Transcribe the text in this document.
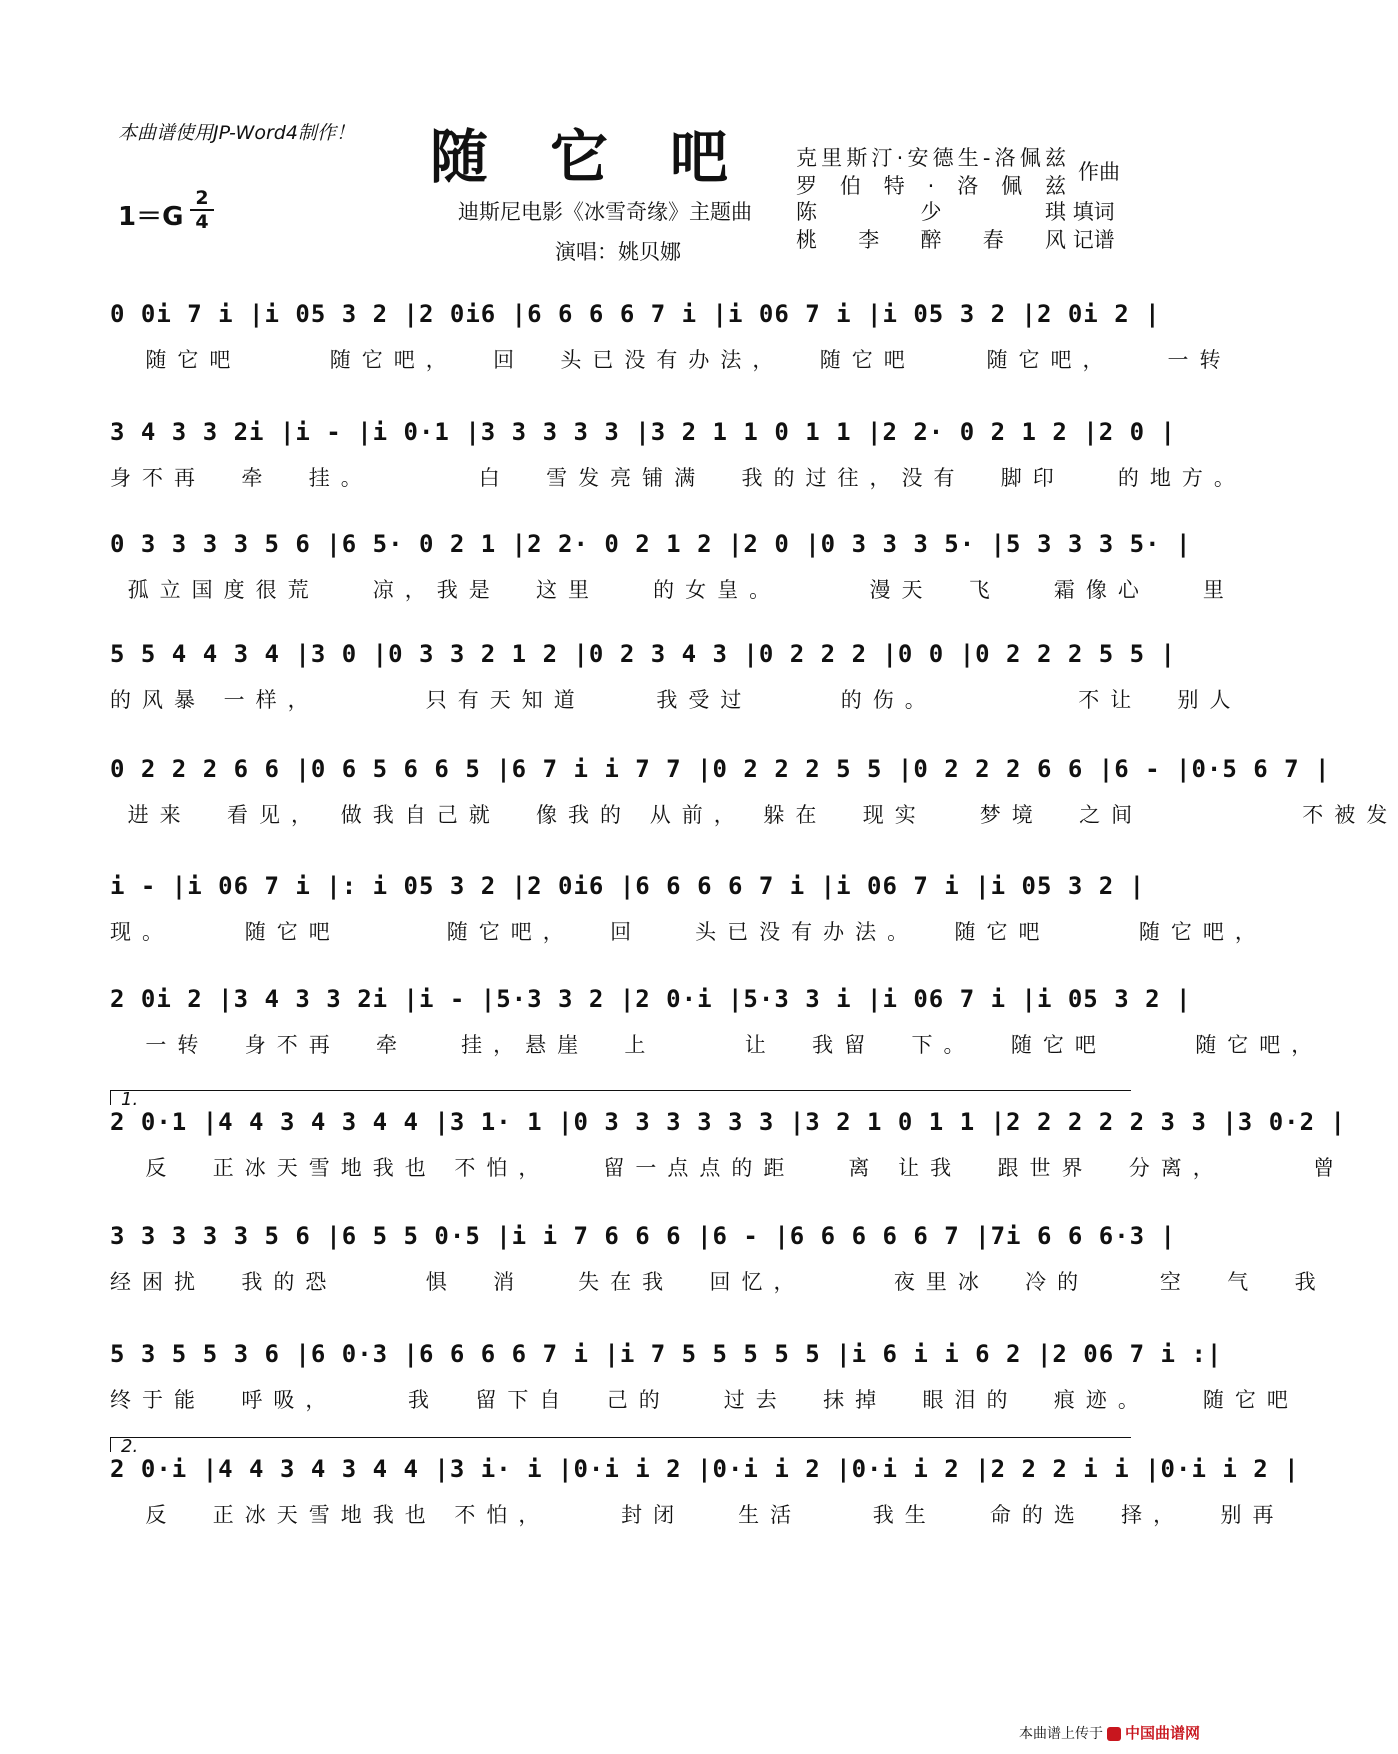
本曲谱使用JP-Word4制作！ 随它吧
1＝G
2
4	迪斯尼电影《冰雪奇缘》主题曲
演唱：姚贝娜
克里斯汀·安德生-洛佩兹
罗伯特·洛佩兹
作曲
陈少琪 填词
桃李醉春风 记谱
0 0i 7 i |i 05 3 2 |2 0i6 |6 6 6 6 7 i |i 06 7 i |i 05 3 2 |2 0i 2 |
随它吧     随它吧，  回  头已没有办法，  随它吧    随它吧，   一转
3 4 3 3 2i |i - |i 0·1 |3 3 3 3 3 |3 2 1 1 0 1 1 |2 2· 0 2 1 2 |2 0 |
身不再  牵  挂。      白  雪发亮铺满  我的过往，没有  脚印   的地方。
0 3 3 3 3 5 6 |6 5· 0 2 1 |2 2· 0 2 1 2 |2 0 |0 3 3 3 5· |5 3 3 3 5· |
孤立国度很荒   凉，我是  这里   的女皇。     漫天  飞   霜像心   里
5 5 4 4 3 4 |3 0 |0 3 3 2 1 2 |0 2 3 4 3 |0 2 2 2 |0 0 |0 2 2 2 5 5 |
的风暴 一样，      只有天知道    我受过     的伤。        不让  别人
0 2 2 2 6 6 |0 6 5 6 6 5 |6 7 i i 7 7 |0 2 2 2 5 5 |0 2 2 2 6 6 |6 - |0·5 6 7 |
进来  看见， 做我自己就  像我的 从前， 躲在  现实   梦境  之间         不被发
i - |i 06 7 i |: i 05 3 2 |2 0i6 |6 6 6 6 7 i |i 06 7 i |i 05 3 2 |
现。    随它吧      随它吧，  回   头已没有办法。  随它吧     随它吧，
2 0i 2 |3 4 3 3 2i |i - |5·3 3 2 |2 0·i |5·3 3 i |i 06 7 i |i 05 3 2 |
一转  身不再  牵   挂，悬崖  上     让  我留  下。  随它吧     随它吧，
1.
2 0·1 |4 4 3 4 3 4 4 |3 1· 1 |0 3 3 3 3 3 3 |3 2 1 0 1 1 |2 2 2 2 2 3 3 |3 0·2 |
反  正冰天雪地我也 不怕，   留一点点的距   离 让我  跟世界  分离，     曾
3 3 3 3 3 5 6 |6 5 5 0·5 |i i 7 6 6 6 |6 - |6 6 6 6 6 7 |7i 6 6 6·3 |
经困扰  我的恐     惧  消   失在我  回忆，     夜里冰  冷的    空  气  我
5 3 5 5 3 6 |6 0·3 |6 6 6 6 7 i |i 7 5 5 5 5 5 |i 6 i i 6 2 |2 06 7 i :|
终于能  呼吸，    我  留下自  己的   过去  抹掉  眼泪的  痕迹。   随它吧
2.
2 0·i |4 4 3 4 3 4 4 |3 i· i |0·i i 2 |0·i i 2 |0·i i 2 |2 2 2 i i |0·i i 2 |
反  正冰天雪地我也 不怕，    封闭   生活    我生   命的选  择，  别再
本曲谱上传于 中国曲谱网
